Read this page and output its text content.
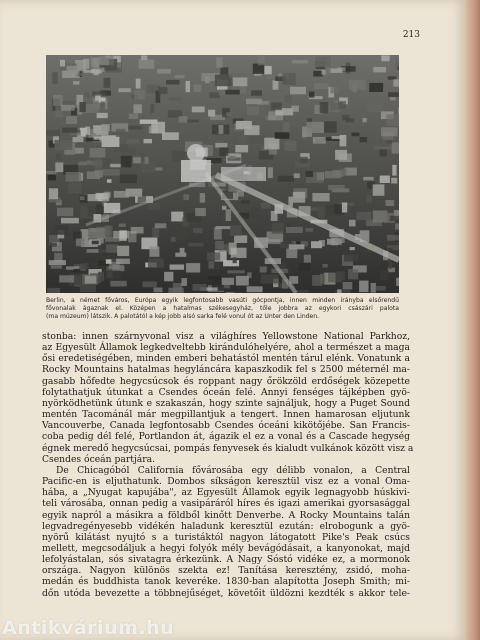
213
Berlin, a német főváros, Európa egyik legfontosabb vasúti gócpontja, innen minden irányba elsőrendű
fővonalak ágaznak el. Középen a hatalmas székesegyház, tőle jobbra az egykori császári palota
(ma múzeum) látszik. A palotától a kép jobb alsó sarka felé vonul ót az Unter den Linden.
stonba: innen szárnyvonal visz a világhíres Yellowstone National Parkhoz,
az Egyesült Államok legkedveltebb kirándulóhelyére, ahol a természet a maga
ősi eredetiségében, minden emberi behatástól mentén tárul elénk. Vonatunk a
Rocky Mountains hatalmas hegyláncára kapaszkodik fel s 2500 méternél ma-
gasabb hőfedte hegycsúcsok és roppant nagy őrökzöld erdőségek közepette
folytathatjuk útunkat a Csendes óceán felé. Annyi fenséges tájképben gyö-
nyörködhetünk útunk e szakaszán, hogy szinte sajnáljuk, hogy a Puget Sound
mentén Tacománál már megpillantjuk a tengert. Innen hamarosan eljutunk
Vancouverbe, Canada legfontosabb Csendes óceáni kikötőjébe. San Francis-
coba pedig dél felé, Portlandon át, ágazik el ez a vonal és a Cascade hegység
égnek meredő hegycsúcsai, pompás fenyvesek és kialudt vulkánok között visz a
Csendes óceán partjára.
De Chicagóból California fővárosába egy délibb vonalon, a Central
Pacific-en is eljuthatunk. Dombos síkságon keresztül visz ez a vonal Oma-
hába, a „Nyugat kapujába", az Egyesült Államok egyik legnagyobb húskivi-
teli városába, onnan pedig a vasipáráról híres és igazi amerikai gyorsasággal
egyik napról a másikra a földből kinőtt Denverbe. A Rocky Mountains talán
legvadregényesebb vidékén haladunk keresztül ezután: elrobogunk a gyö-
nyörű kilátást nyujtó s a turistáktól nagyon látogatott Pike's Peak csúcs
mellett, megcsodáljuk a hegyi folyók mély bevágódásait, a kanyonokat, majd
lefolyástalan, sós sivatagra érkezünk. A Nagy Sóstó vidéke ez, a mormonok
országa. Nagyon különös szekta ez! Tanítása keresztény, zsidó, moha-
medán és buddhista tanok keveréke. 1830-ban alapította Joseph Smith; mi-
dőn utóda bevezette a többnejűséget, követőit üldözni kezdték s akkor tele-
Antikvárium.hu
